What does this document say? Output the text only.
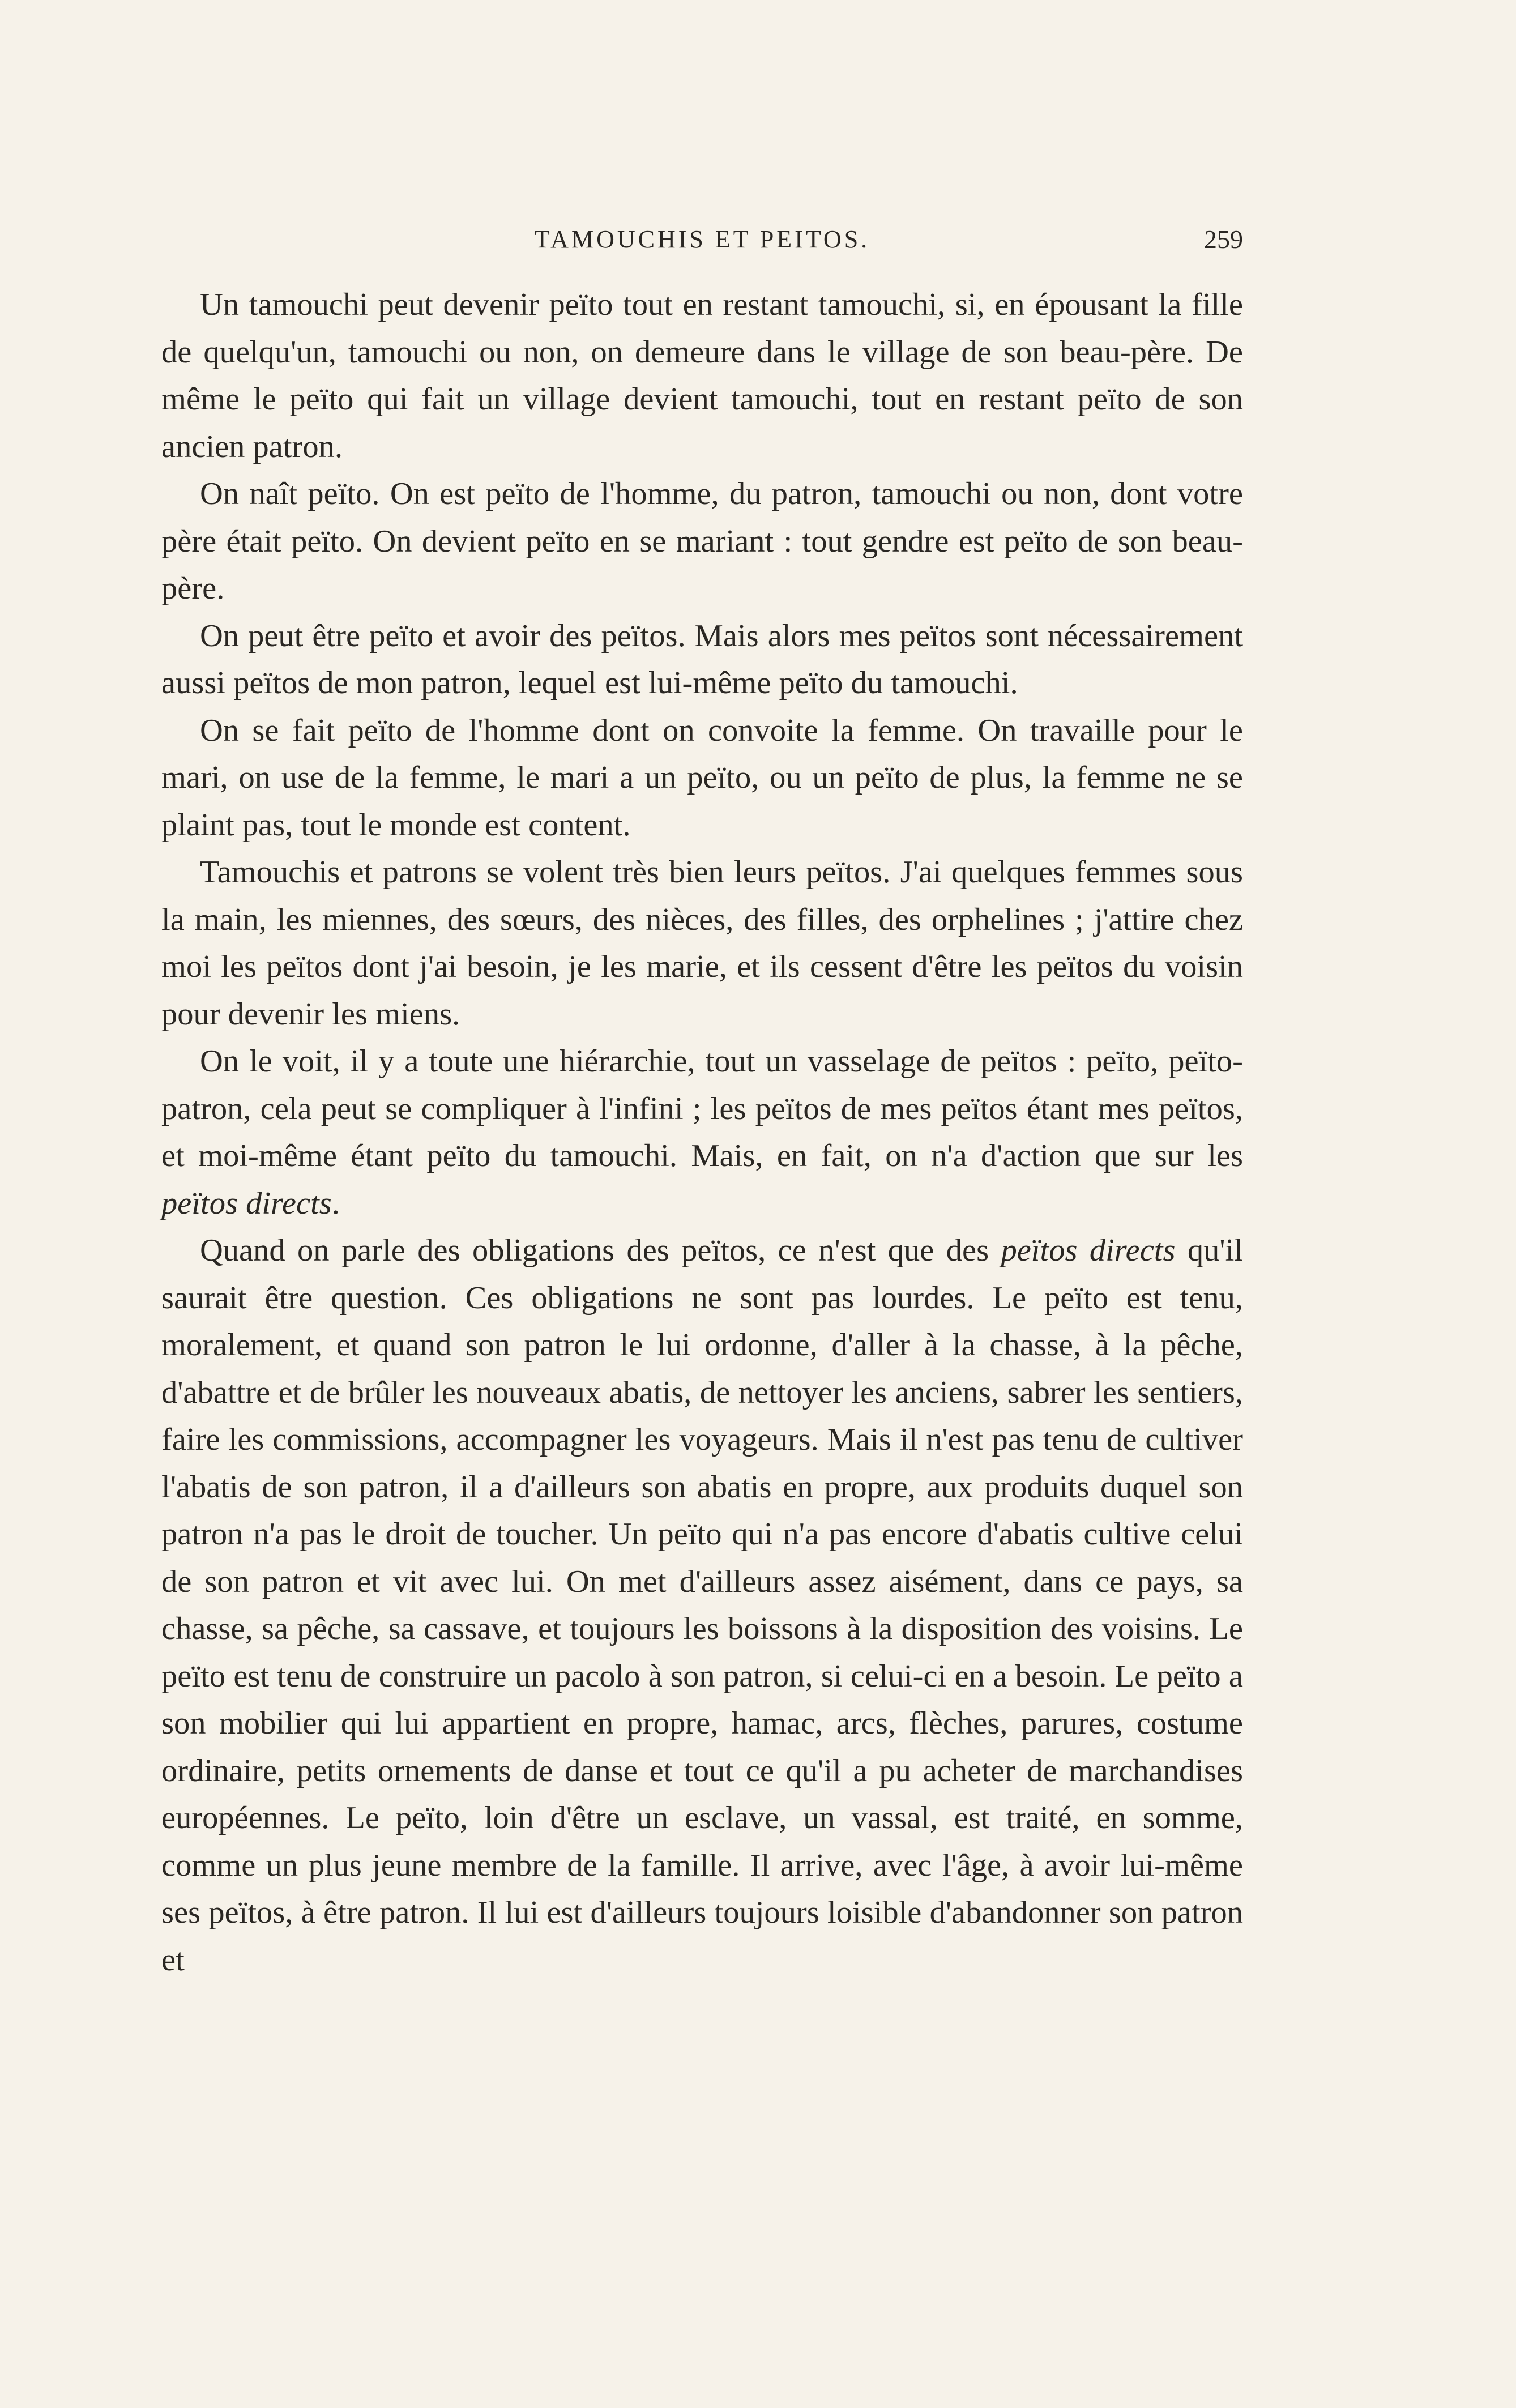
TAMOUCHIS ET PEITOS.	259

Un tamouchi peut devenir peïto tout en restant tamouchi, si, en épousant la fille de quelqu'un, tamouchi ou non, on demeure dans le village de son beau-père. De même le peïto qui fait un village devient tamouchi, tout en restant peïto de son ancien patron.

On naît peïto. On est peïto de l'homme, du patron, tamouchi ou non, dont votre père était peïto. On devient peïto en se mariant : tout gendre est peïto de son beau-père.

On peut être peïto et avoir des peïtos. Mais alors mes peïtos sont nécessairement aussi peïtos de mon patron, lequel est lui-même peïto du tamouchi.

On se fait peïto de l'homme dont on convoite la femme. On travaille pour le mari, on use de la femme, le mari a un peïto, ou un peïto de plus, la femme ne se plaint pas, tout le monde est content.

Tamouchis et patrons se volent très bien leurs peïtos. J'ai quelques femmes sous la main, les miennes, des sœurs, des nièces, des filles, des orphelines ; j'attire chez moi les peïtos dont j'ai besoin, je les marie, et ils cessent d'être les peïtos du voisin pour devenir les miens.

On le voit, il y a toute une hiérarchie, tout un vasselage de peïtos : peïto, peïto-patron, cela peut se compliquer à l'infini ; les peïtos de mes peïtos étant mes peïtos, et moi-même étant peïto du tamouchi. Mais, en fait, on n'a d'action que sur les peïtos directs.

Quand on parle des obligations des peïtos, ce n'est que des peïtos directs qu'il saurait être question. Ces obligations ne sont pas lourdes. Le peïto est tenu, moralement, et quand son patron le lui ordonne, d'aller à la chasse, à la pêche, d'abattre et de brûler les nouveaux abatis, de nettoyer les anciens, sabrer les sentiers, faire les commissions, accompagner les voyageurs. Mais il n'est pas tenu de cultiver l'abatis de son patron, il a d'ailleurs son abatis en propre, aux produits duquel son patron n'a pas le droit de toucher. Un peïto qui n'a pas encore d'abatis cultive celui de son patron et vit avec lui. On met d'ailleurs assez aisément, dans ce pays, sa chasse, sa pêche, sa cassave, et toujours les boissons à la disposition des voisins. Le peïto est tenu de construire un pacolo à son patron, si celui-ci en a besoin. Le peïto a son mobilier qui lui appartient en propre, hamac, arcs, flèches, parures, costume ordinaire, petits ornements de danse et tout ce qu'il a pu acheter de marchandises européennes. Le peïto, loin d'être un esclave, un vassal, est traité, en somme, comme un plus jeune membre de la famille. Il arrive, avec l'âge, à avoir lui-même ses peïtos, à être patron. Il lui est d'ailleurs toujours loisible d'abandonner son patron et
